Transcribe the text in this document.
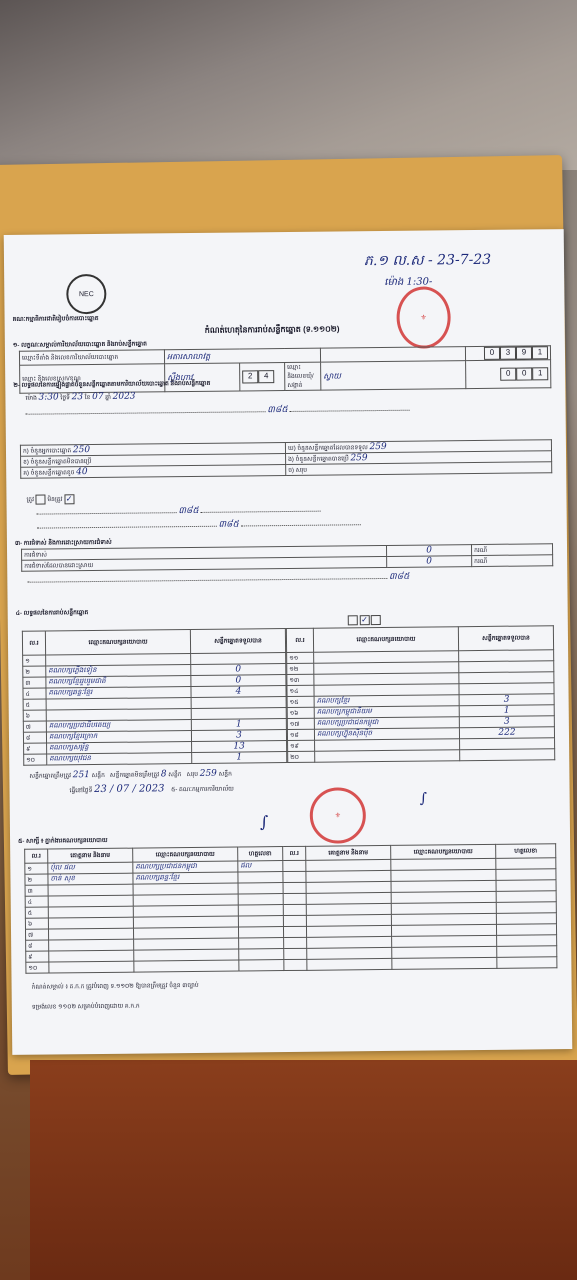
ភ.១ ល.ស - 23-7-23
ម៉ោង 1:30-
⚜
NEC
គណៈកម្មាធិការជាតិរៀបចំការបោះឆ្នោត
កំណត់ហេតុនៃការរាប់សន្លឹកឆ្នោត (ទ.១១០២)
១- លក្ខណៈសម្គាល់ការិយាល័យបោះឆ្នោត និងរាប់សន្លឹកឆ្នោត
ឈ្មោះទីតាំង និងលេខការិយាល័យបោះឆ្នោត	អគារសាលាវត្ត				0 3 9 1
ឈ្មោះ និងលេខស្រុក/ខណ្ឌ	ស្ទឹងហាវ	2 4	ឈ្មោះ និងលេខឃុំ/សង្កាត់	ស្វាយ	0 0 1
២- លទ្ធផលនៃការផ្ទៀងផ្ទាត់ចំនួនសន្លឹកឆ្នោតតាមការិយាល័យបោះឆ្នោត និងរាប់សន្លឹកឆ្នោត
ម៉ោង 3:30 ថ្ងៃទី 23 ខែ 07 ឆ្នាំ 2023
៣៨៥
ក) ចំនួនអ្នកបោះឆ្នោត 250	ឃ) ចំនួនសន្លឹកឆ្នោតដែលបានទទួល 259
ខ) ចំនួនសន្លឹកឆ្នោតមិនបានប្រើ	ង) ចំនួនសន្លឹកឆ្នោតបានប្រើ 259
គ) ចំនួនសន្លឹកឆ្នោតខូច 40	ច) សរុប
ត្រូវ  មិនត្រូវ ✓
៣៨៥
៣៨៥
៣- ការជំទាស់ និងការដោះស្រាយការជំទាស់
ការជំទាស់	0	ករណី
ការជំទាស់ដែលបានដោះស្រាយ	0	ករណី
៣៨៥
៤- លទ្ធផលនៃការរាប់សន្លឹកឆ្នោត
✓
ល.រ	ឈ្មោះគណបក្សនយោបាយ	សន្លឹកឆ្នោតទទួលបាន
១		
២	គណបក្សភ្លើងទៀន	0
៣	គណបក្សខ្មែររួបរួមជាតិ	0
៤	គណបក្សឆន្ទៈខ្មែរ	4
៥		
៦		
៧	គណបក្សប្រជាធិបតេយ្យ	1
៨	គណបក្សខ្មែរក្រោក	3
៩	គណបក្សសម្ព័ន្ធ	13
១០	គណបក្សយុវជន	1
ល.រ	ឈ្មោះគណបក្សនយោបាយ	សន្លឹកឆ្នោតទទួលបាន
១១		
១២		
១៣		
១៤		
១៥	គណបក្សខ្មែរ	3
១៦	គណបក្សកម្ពុជានិយម	1
១៧	គណបក្សប្រជាជនកម្ពុជា	3
១៨	គណបក្សហ៊្វុនស៊ិនប៉ិច	222
១៩		
២០		
សន្លឹកឆ្នោតត្រឹមត្រូវ 251 សន្លឹក   សន្លឹកឆ្នោតមិនត្រឹមត្រូវ 8 សន្លឹក   សរុប 259 សន្លឹក
ធ្វើនៅថ្ងៃទី 23 / 07 / 2023 ៥- គណៈកម្មការការិយាល័យ
⚜
∫
∫
៥- សាក្សី ៖ ភ្នាក់ងារគណបក្សនយោបាយ
ល.រ	គោត្តនាម និងនាម	ឈ្មោះគណបក្សនយោបាយ	ហត្ថលេខា	ល.រ	គោត្តនាម និងនាម	ឈ្មោះគណបក្សនយោបាយ	ហត្ថលេខា
១	ប៉ុល ផល	គណបក្សប្រជាជនកម្ពុជា	ផល				
២	ចាន់ សុខ	គណបក្សឆន្ទៈខ្មែរ					
៣							
៤							
៥							
៦							
៧							
៨							
៩							
១០							
កំណត់សម្គាល់ ៖ ត.ក.ក ត្រូវបំពេញ ទ.១១០២ ឱ្យបានត្រឹមត្រូវ ចំនួន ៣ច្បាប់
ទម្រង់លេខ ១១០២ សម្រាប់បំពេញដោយ គ.ក.ក
